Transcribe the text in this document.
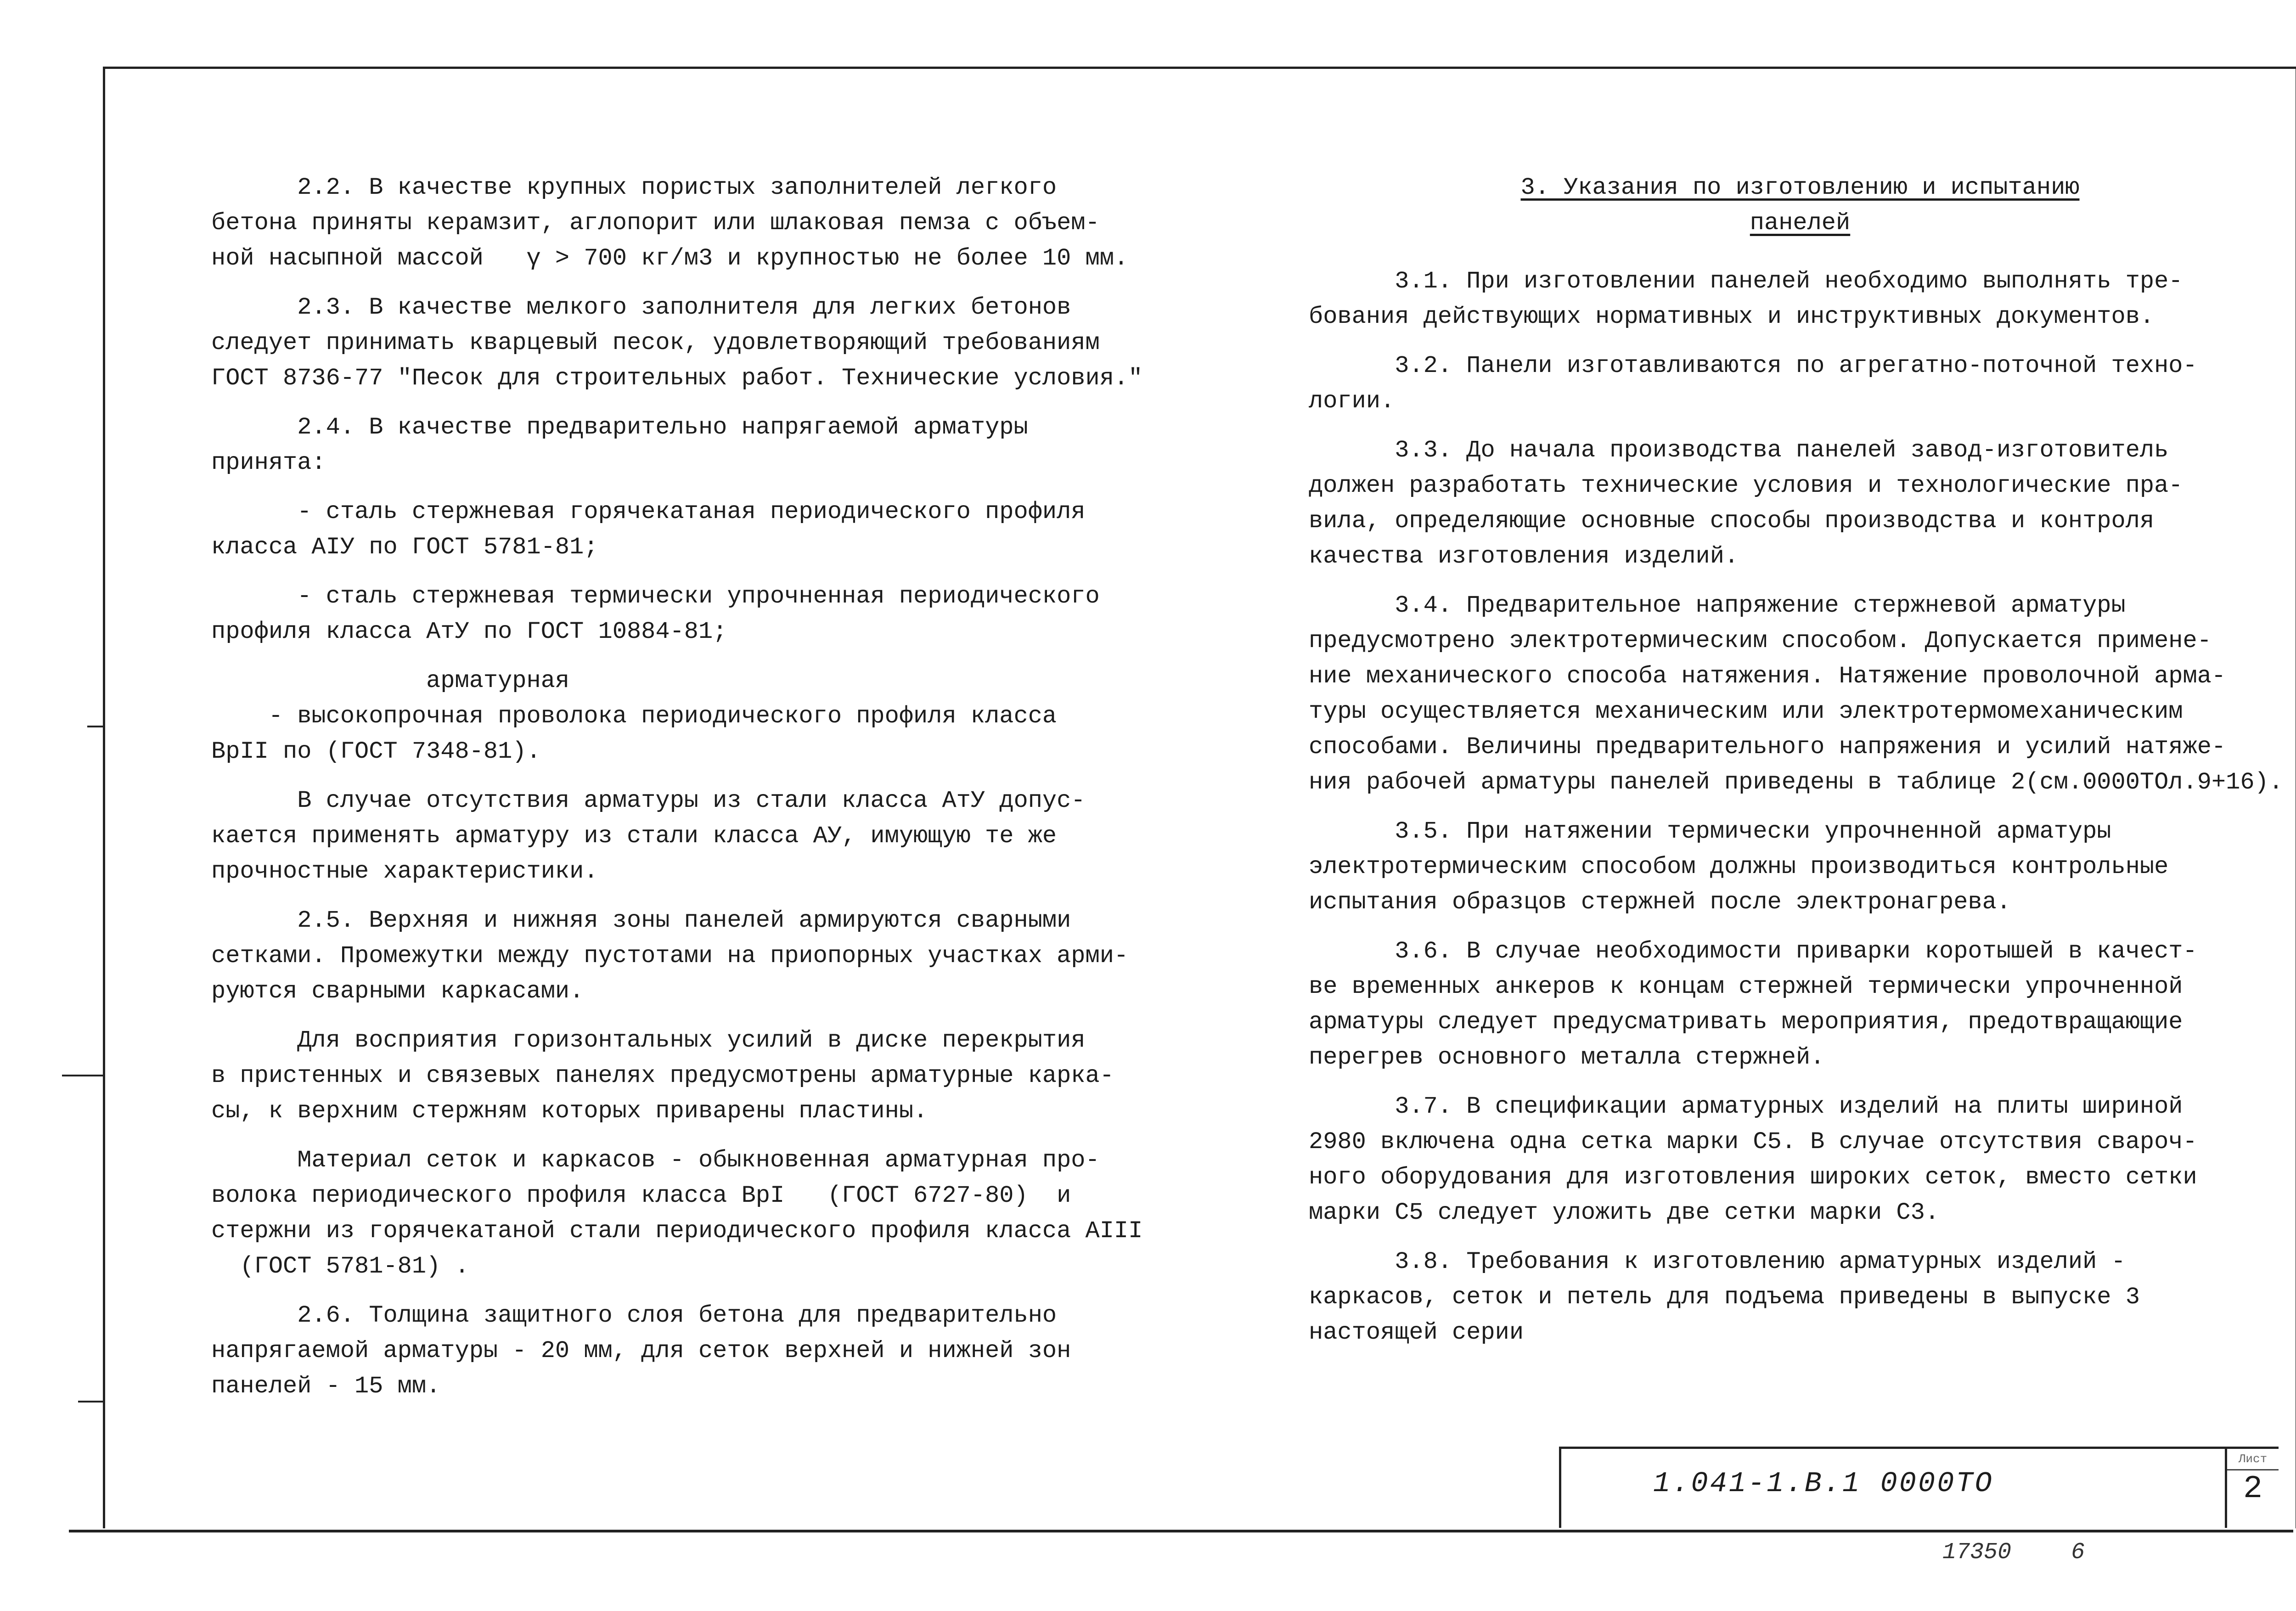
2.2. В качестве крупных пористых заполнителей легкого
бетона приняты керамзит, аглопорит или шлаковая пемза с объем-
ной насыпной массой   γ > 700 кг/м3 и крупностью не более 10 мм.

2.3. В качестве мелкого заполнителя для легких бетонов
следует принимать кварцевый песок, удовлетворяющий требованиям
ГОСТ 8736-77 "Песок для строительных работ. Технические условия."

2.4. В качестве предварительно напрягаемой арматуры
принята:

- сталь стержневая горячекатаная периодического профиля
класса АIУ по ГОСТ 5781-81;

- сталь стержневая термически упрочненная периодического
профиля класса АтУ по ГОСТ 10884-81;

арматурная
- высокопрочная проволока периодического профиля класса
ВрII по (ГОСТ 7348-81).

В случае отсутствия арматуры из стали класса АтУ допус-
кается применять арматуру из стали класса АУ, имующую те же
прочностные характеристики.

2.5. Верхняя и нижняя зоны панелей армируются сварными
сетками. Промежутки между пустотами на приопорных участках арми-
руются сварными каркасами.

Для восприятия горизонтальных усилий в диске перекрытия
в пристенных и связевых панелях предусмотрены арматурные карка-
сы, к верхним стержням которых приварены пластины.

Материал сеток и каркасов - обыкновенная арматурная про-
волока периодического профиля класса ВрI   (ГОСТ 6727-80)  и
стержни из горячекатаной стали периодического профиля класса АIII
(ГОСТ 5781-81) .

2.6. Толщина защитного слоя бетона для предварительно
напрягаемой арматуры - 20 мм, для сеток верхней и нижней зон
панелей - 15 мм.

3. Указания по изготовлению и испытанию
панелей

3.1. При изготовлении панелей необходимо выполнять тре-
бования действующих нормативных и инструктивных документов.

3.2. Панели изготавливаются по агрегатно-поточной техно-
логии.

3.3. До начала производства панелей завод-изготовитель
должен разработать технические условия и технологические пра-
вила, определяющие основные способы производства и контроля
качества изготовления изделий.

3.4. Предварительное напряжение стержневой арматуры
предусмотрено электротермическим способом. Допускается примене-
ние механического способа натяжения. Натяжение проволочной арма-
туры осуществляется механическим или электротермомеханическим
способами. Величины предварительного напряжения и усилий натяже-
ния рабочей арматуры панелей приведены в таблице 2(см.0000ТОл.9+16).

3.5. При натяжении термически упрочненной арматуры
электротермическим способом должны производиться контрольные
испытания образцов стержней после электронагрева.

3.6. В случае необходимости приварки коротышей в качест-
ве временных анкеров к концам стержней термически упрочненной
арматуры следует предусматривать мероприятия, предотвращающие
перегрев основного металла стержней.

3.7. В спецификации арматурных изделий на плиты шириной
2980 включена одна сетка марки С5. В случае отсутствия свароч-
ного оборудования для изготовления широких сеток, вместо сетки
марки С5 следует уложить две сетки марки С3.

3.8. Требования к изготовлению арматурных изделий -
каркасов, сеток и петель для подъема приведены в выпуске 3
настоящей серии

1.041-1.В.1 0000ТО
Лист
2
17350	6
